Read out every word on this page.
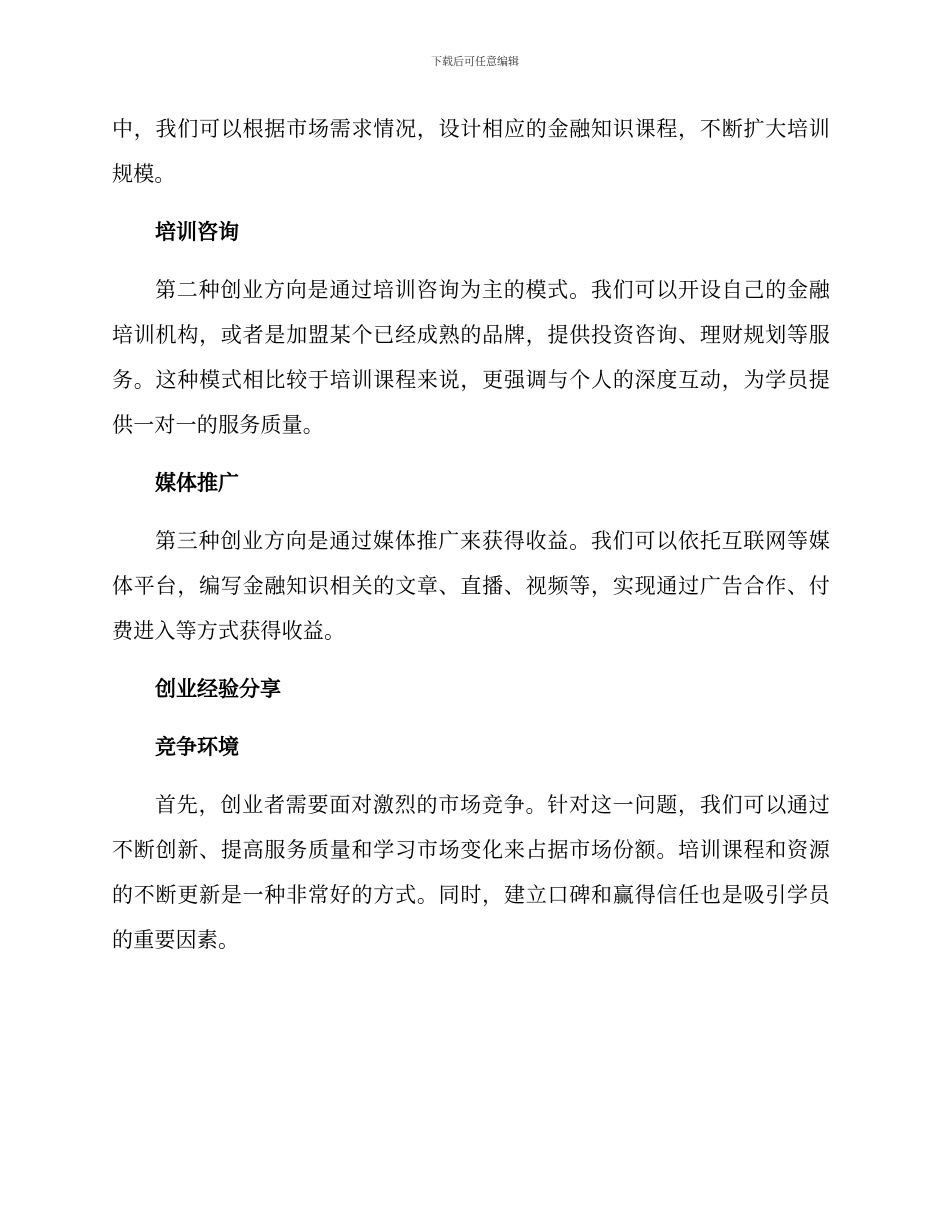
下载后可任意编辑

中，我们可以根据市场需求情况，设计相应的金融知识课程，不断扩大培训规模。

培训咨询

第二种创业方向是通过培训咨询为主的模式。我们可以开设自己的金融培训机构，或者是加盟某个已经成熟的品牌，提供投资咨询、理财规划等服务。这种模式相比较于培训课程来说，更强调与个人的深度互动，为学员提供一对一的服务质量。

媒体推广

第三种创业方向是通过媒体推广来获得收益。我们可以依托互联网等媒体平台，编写金融知识相关的文章、直播、视频等，实现通过广告合作、付费进入等方式获得收益。

创业经验分享
竞争环境

首先，创业者需要面对激烈的市场竞争。针对这一问题，我们可以通过不断创新、提高服务质量和学习市场变化来占据市场份额。培训课程和资源的不断更新是一种非常好的方式。同时，建立口碑和赢得信任也是吸引学员的重要因素。
